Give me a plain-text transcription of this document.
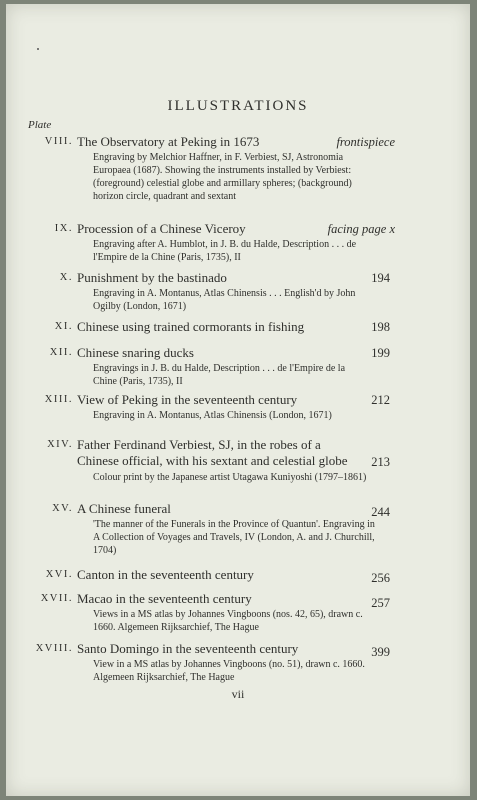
ILLUSTRATIONS
Plate
VIII. The Observatory at Peking in 1673	frontispiece
Engraving by Melchior Haffner, in F. Verbiest, SJ, Astronomia Europaea (1687). Showing the instruments installed by Verbiest: (foreground) celestial globe and armillary spheres; (background) horizon circle, quadrant and sextant
IX. Procession of a Chinese Viceroy	facing page x
Engraving after A. Humblot, in J. B. du Halde, Description . . . de l'Empire de la Chine (Paris, 1735), II
X. Punishment by the bastinado	194
Engraving in A. Montanus, Atlas Chinensis . . . English'd by John Ogilby (London, 1671)
XI. Chinese using trained cormorants in fishing	198
XII. Chinese snaring ducks	199
Engravings in J. B. du Halde, Description . . . de l'Empire de la Chine (Paris, 1735), II
XIII. View of Peking in the seventeenth century	212
Engraving in A. Montanus, Atlas Chinensis (London, 1671)
XIV. Father Ferdinand Verbiest, SJ, in the robes of a Chinese official, with his sextant and celestial globe	213
Colour print by the Japanese artist Utagawa Kuniyoshi (1797–1861)
XV. A Chinese funeral	244
'The manner of the Funerals in the Province of Quantun'. Engraving in A Collection of Voyages and Travels, IV (London, A. and J. Churchill, 1704)
XVI. Canton in the seventeenth century	256
XVII. Macao in the seventeenth century	257
Views in a MS atlas by Johannes Vingboons (nos. 42, 65), drawn c. 1660. Algemeen Rijksarchief, The Hague
XVIII. Santo Domingo in the seventeenth century	399
View in a MS atlas by Johannes Vingboons (no. 51), drawn c. 1660. Algemeen Rijksarchief, The Hague
vii
